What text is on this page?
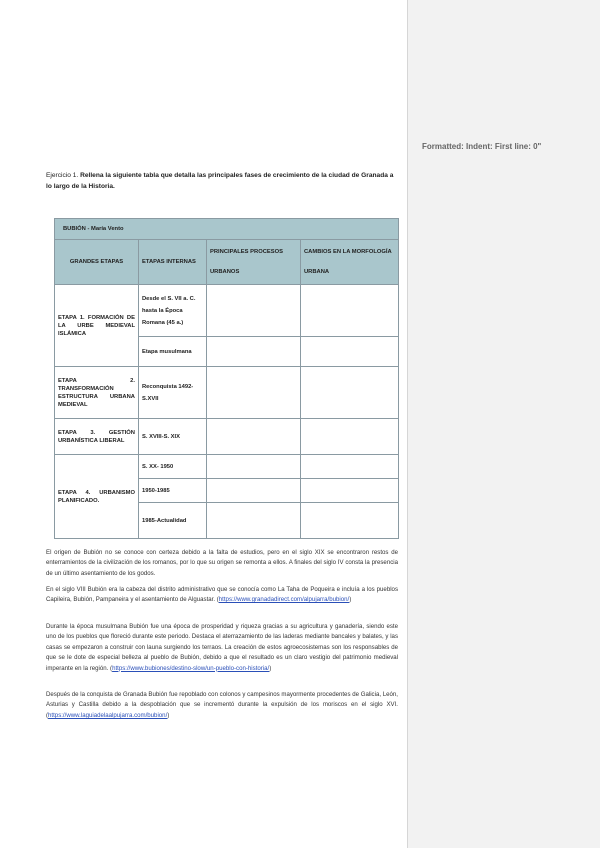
Formatted: Indent: First line: 0"
Ejercicio 1. Rellena la siguiente tabla que detalla las principales fases de crecimiento de la ciudad de Granada a lo largo de la Historia.
BUBIÓN - María Vento			
GRANDES ETAPAS	ETAPAS INTERNAS	PRINCIPALES PROCESOS URBANOS	CAMBIOS EN LA MORFOLOGÍA URBANA
ETAPA 1. FORMACIÓN DE LA URBE MEDIEVAL ISLÁMICA	Desde el S. VII a. C. hasta la Época Romana (45 a.)		
	Etapa musulmana		
ETAPA 2. TRANSFORMACIÓN ESTRUCTURA URBANA MEDIEVAL	Reconquista 1492-S.XVII		
ETAPA 3. GESTIÓN URBANÍSTICA LIBERAL	S. XVIII-S. XIX		
ETAPA 4. URBANISMO PLANIFICADO.	S. XX- 1950		
	1950-1985		
	1985-Actualidad		
El origen de Bubión no se conoce con certeza debido a la falta de estudios, pero en el siglo XIX se encontraron restos de enterramientos de la civilización de los romanos, por lo que su origen se remonta a ellos. A finales del siglo IV consta la presencia de un último asentamiento de los godos.
En el siglo VIII Bubión era la cabeza del distrito administrativo que se conocía como La Taha de Poqueira e incluía a los pueblos Capileira, Bubión, Pampaneira y el asentamiento de Alguastar. (https://www.granadadirect.com/alpujarra/bubion/)
Durante la época musulmana Bubión fue una época de prosperidad y riqueza gracias a su agricultura y ganadería, siendo este uno de los pueblos que floreció durante este periodo. Destaca el aterrazamiento de las laderas mediante bancales y balates, y las casas se empezaron a construir con launa surgiendo los terraos. La creación de estos agroecosistemas son los responsables de que se le dote de especial belleza al pueblo de Bubión, debido a que el resultado es un claro vestigio del patrimonio medieval imperante en la región. (https://www.bubiones/destino-slow/un-pueblo-con-historia/)
Después de la conquista de Granada Bubión fue repoblado con colonos y campesinos mayormente procedentes de Galicia, León, Asturias y Castilla debido a la despoblación que se incrementó durante la expulsión de los moriscos en el siglo XVI. (https://www.laguiadelaalpujarra.com/bubion/)
